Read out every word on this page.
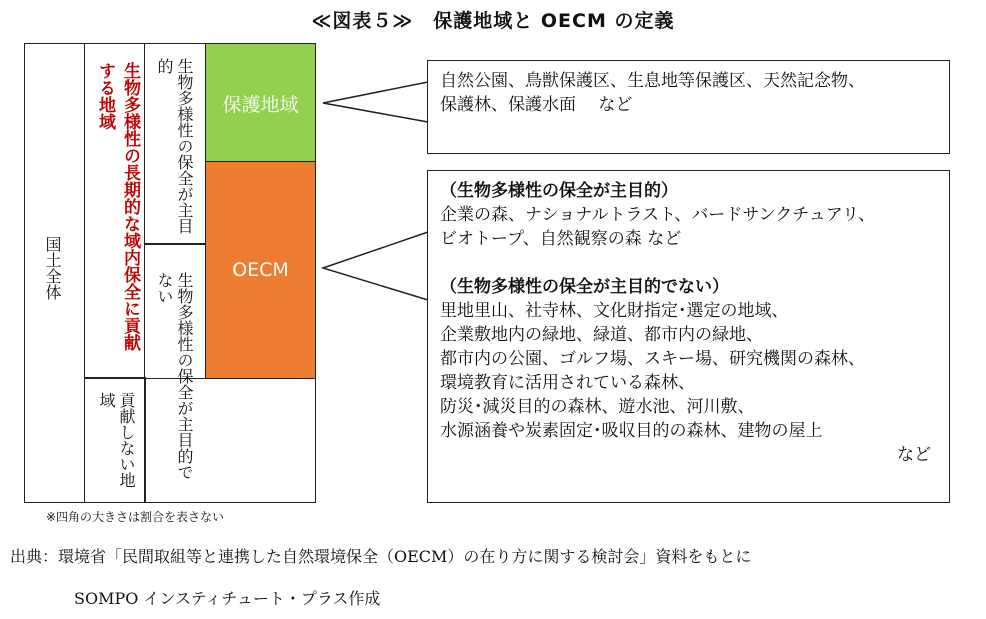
≪図表５≫　保護地域と OECM の定義
国土全体	生物多様性の長期的な域内保全に貢献する地域
貢献しない地域
生物多様性の保全が主目的
生物多様性の保全が主目的でない
保護地域
OECM
自然公園、鳥獣保護区、生息地等保護区、天然記念物、
保護林、保護水面　 など
（生物多様性の保全が主目的）
企業の森、ナショナルトラスト、バードサンクチュアリ、
ビオトープ、自然観察の森 など
（生物多様性の保全が主目的でない）
里地里山、社寺林、文化財指定･選定の地域、
企業敷地内の緑地、緑道、都市内の緑地、
都市内の公園、ゴルフ場、スキー場、研究機関の森林、
環境教育に活用されている森林、
防災･減災目的の森林、遊水池、河川敷、
水源涵養や炭素固定･吸収目的の森林、建物の屋上
など
※四角の大きさは割合を表さない
出典：環境省「民間取組等と連携した自然環境保全（OECM）の在り方に関する検討会」資料をもとに
SOMPO インスティチュート・プラス作成
